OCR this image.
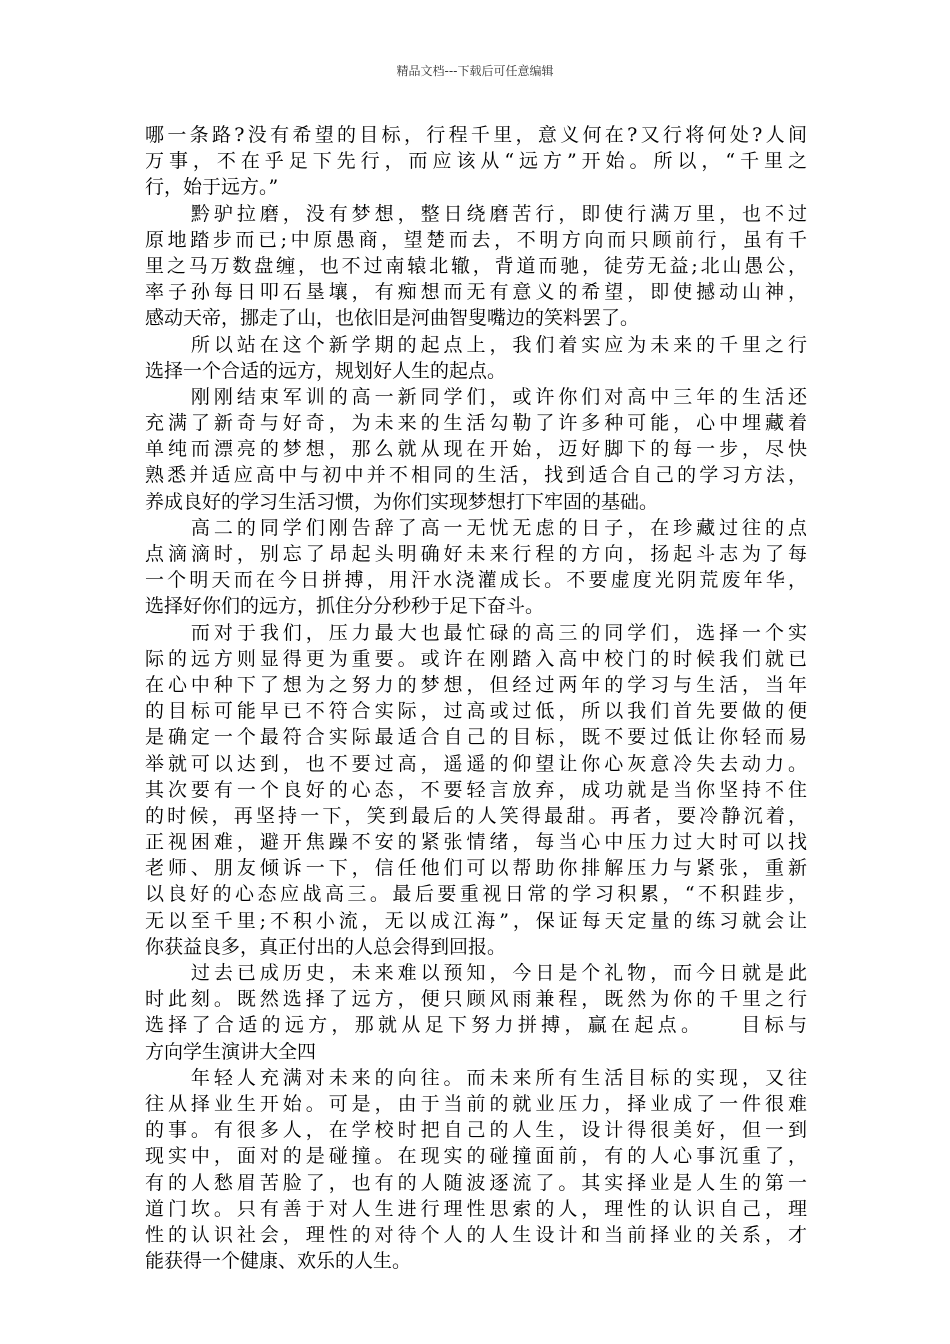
精品文档---下载后可任意编辑
哪一条路?没有希望的目标，行程千里，意义何在?又行将何处?人间
万事，不在乎足下先行，而应该从“远方”开始。所以，“千里之
行，始于远方。”
　　黔驴拉磨，没有梦想，整日绕磨苦行，即使行满万里，也不过
原地踏步而已;中原愚商，望楚而去，不明方向而只顾前行，虽有千
里之马万数盘缠，也不过南辕北辙，背道而驰，徒劳无益;北山愚公，
率子孙每日叩石垦壤，有痴想而无有意义的希望，即使撼动山神，
感动天帝，挪走了山，也依旧是河曲智叟嘴边的笑料罢了。
　　所以站在这个新学期的起点上，我们着实应为未来的千里之行
选择一个合适的远方，规划好人生的起点。
　　刚刚结束军训的高一新同学们，或许你们对高中三年的生活还
充满了新奇与好奇，为未来的生活勾勒了许多种可能，心中埋藏着
单纯而漂亮的梦想，那么就从现在开始，迈好脚下的每一步，尽快
熟悉并适应高中与初中并不相同的生活，找到适合自己的学习方法，
养成良好的学习生活习惯，为你们实现梦想打下牢固的基础。
　　高二的同学们刚告辞了高一无忧无虑的日子，在珍藏过往的点
点滴滴时，别忘了昂起头明确好未来行程的方向，扬起斗志为了每
一个明天而在今日拼搏，用汗水浇灌成长。不要虚度光阴荒废年华，
选择好你们的远方，抓住分分秒秒于足下奋斗。
　　而对于我们，压力最大也最忙碌的高三的同学们，选择一个实
际的远方则显得更为重要。或许在刚踏入高中校门的时候我们就已
在心中种下了想为之努力的梦想，但经过两年的学习与生活，当年
的目标可能早已不符合实际，过高或过低，所以我们首先要做的便
是确定一个最符合实际最适合自己的目标，既不要过低让你轻而易
举就可以达到，也不要过高，遥遥的仰望让你心灰意冷失去动力。
其次要有一个良好的心态，不要轻言放弃，成功就是当你坚持不住
的时候，再坚持一下，笑到最后的人笑得最甜。再者，要冷静沉着，
正视困难，避开焦躁不安的紧张情绪，每当心中压力过大时可以找
老师、朋友倾诉一下，信任他们可以帮助你排解压力与紧张，重新
以良好的心态应战高三。最后要重视日常的学习积累，“不积跬步，
无以至千里;不积小流，无以成江海”，保证每天定量的练习就会让
你获益良多，真正付出的人总会得到回报。
　　过去已成历史，未来难以预知，今日是个礼物，而今日就是此
时此刻。既然选择了远方，便只顾风雨兼程，既然为你的千里之行
选择了合适的远方，那就从足下努力拼搏，赢在起点。　　目标与
方向学生演讲大全四
　　年轻人充满对未来的向往。而未来所有生活目标的实现，又往
往从择业生开始。可是，由于当前的就业压力，择业成了一件很难
的事。有很多人，在学校时把自己的人生，设计得很美好，但一到
现实中，面对的是碰撞。在现实的碰撞面前，有的人心事沉重了，
有的人愁眉苦脸了，也有的人随波逐流了。其实择业是人生的第一
道门坎。只有善于对人生进行理性思索的人，理性的认识自己，理
性的认识社会，理性的对待个人的人生设计和当前择业的关系，才
能获得一个健康、欢乐的人生。
